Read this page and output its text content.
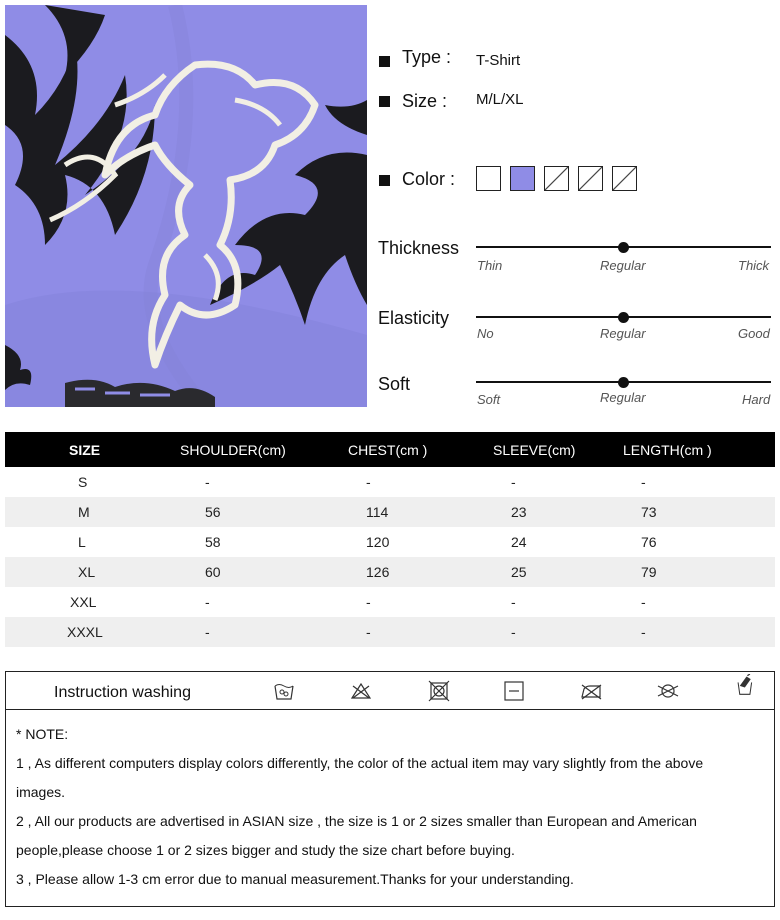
Type : T-Shirt
Size : M/L/XL
Color :
Thickness
Thin	Regular	Thick
Elasticity
No	Regular	Good
Soft
Soft	Regular	Hard
SIZE	SHOULDER(cm)	CHEST(cm )	SLEEVE(cm)	LENGTH(cm )
S	-	-	-	-
M	56	114	23	73
L	58	120	24	76
XL	60	126	25	79
XXL	-	-	-	-
XXXL	-	-	-	-
Instruction washing
* NOTE:
1 , As different computers display colors differently, the color of the actual item may vary slightly from the above
images.
2 , All our products are advertised in ASIAN size , the size is 1 or 2 sizes smaller than European and American
people,please choose 1 or 2 sizes bigger and study the size chart before buying.
3 , Please allow 1-3 cm error due to manual measurement.Thanks for your understanding.
